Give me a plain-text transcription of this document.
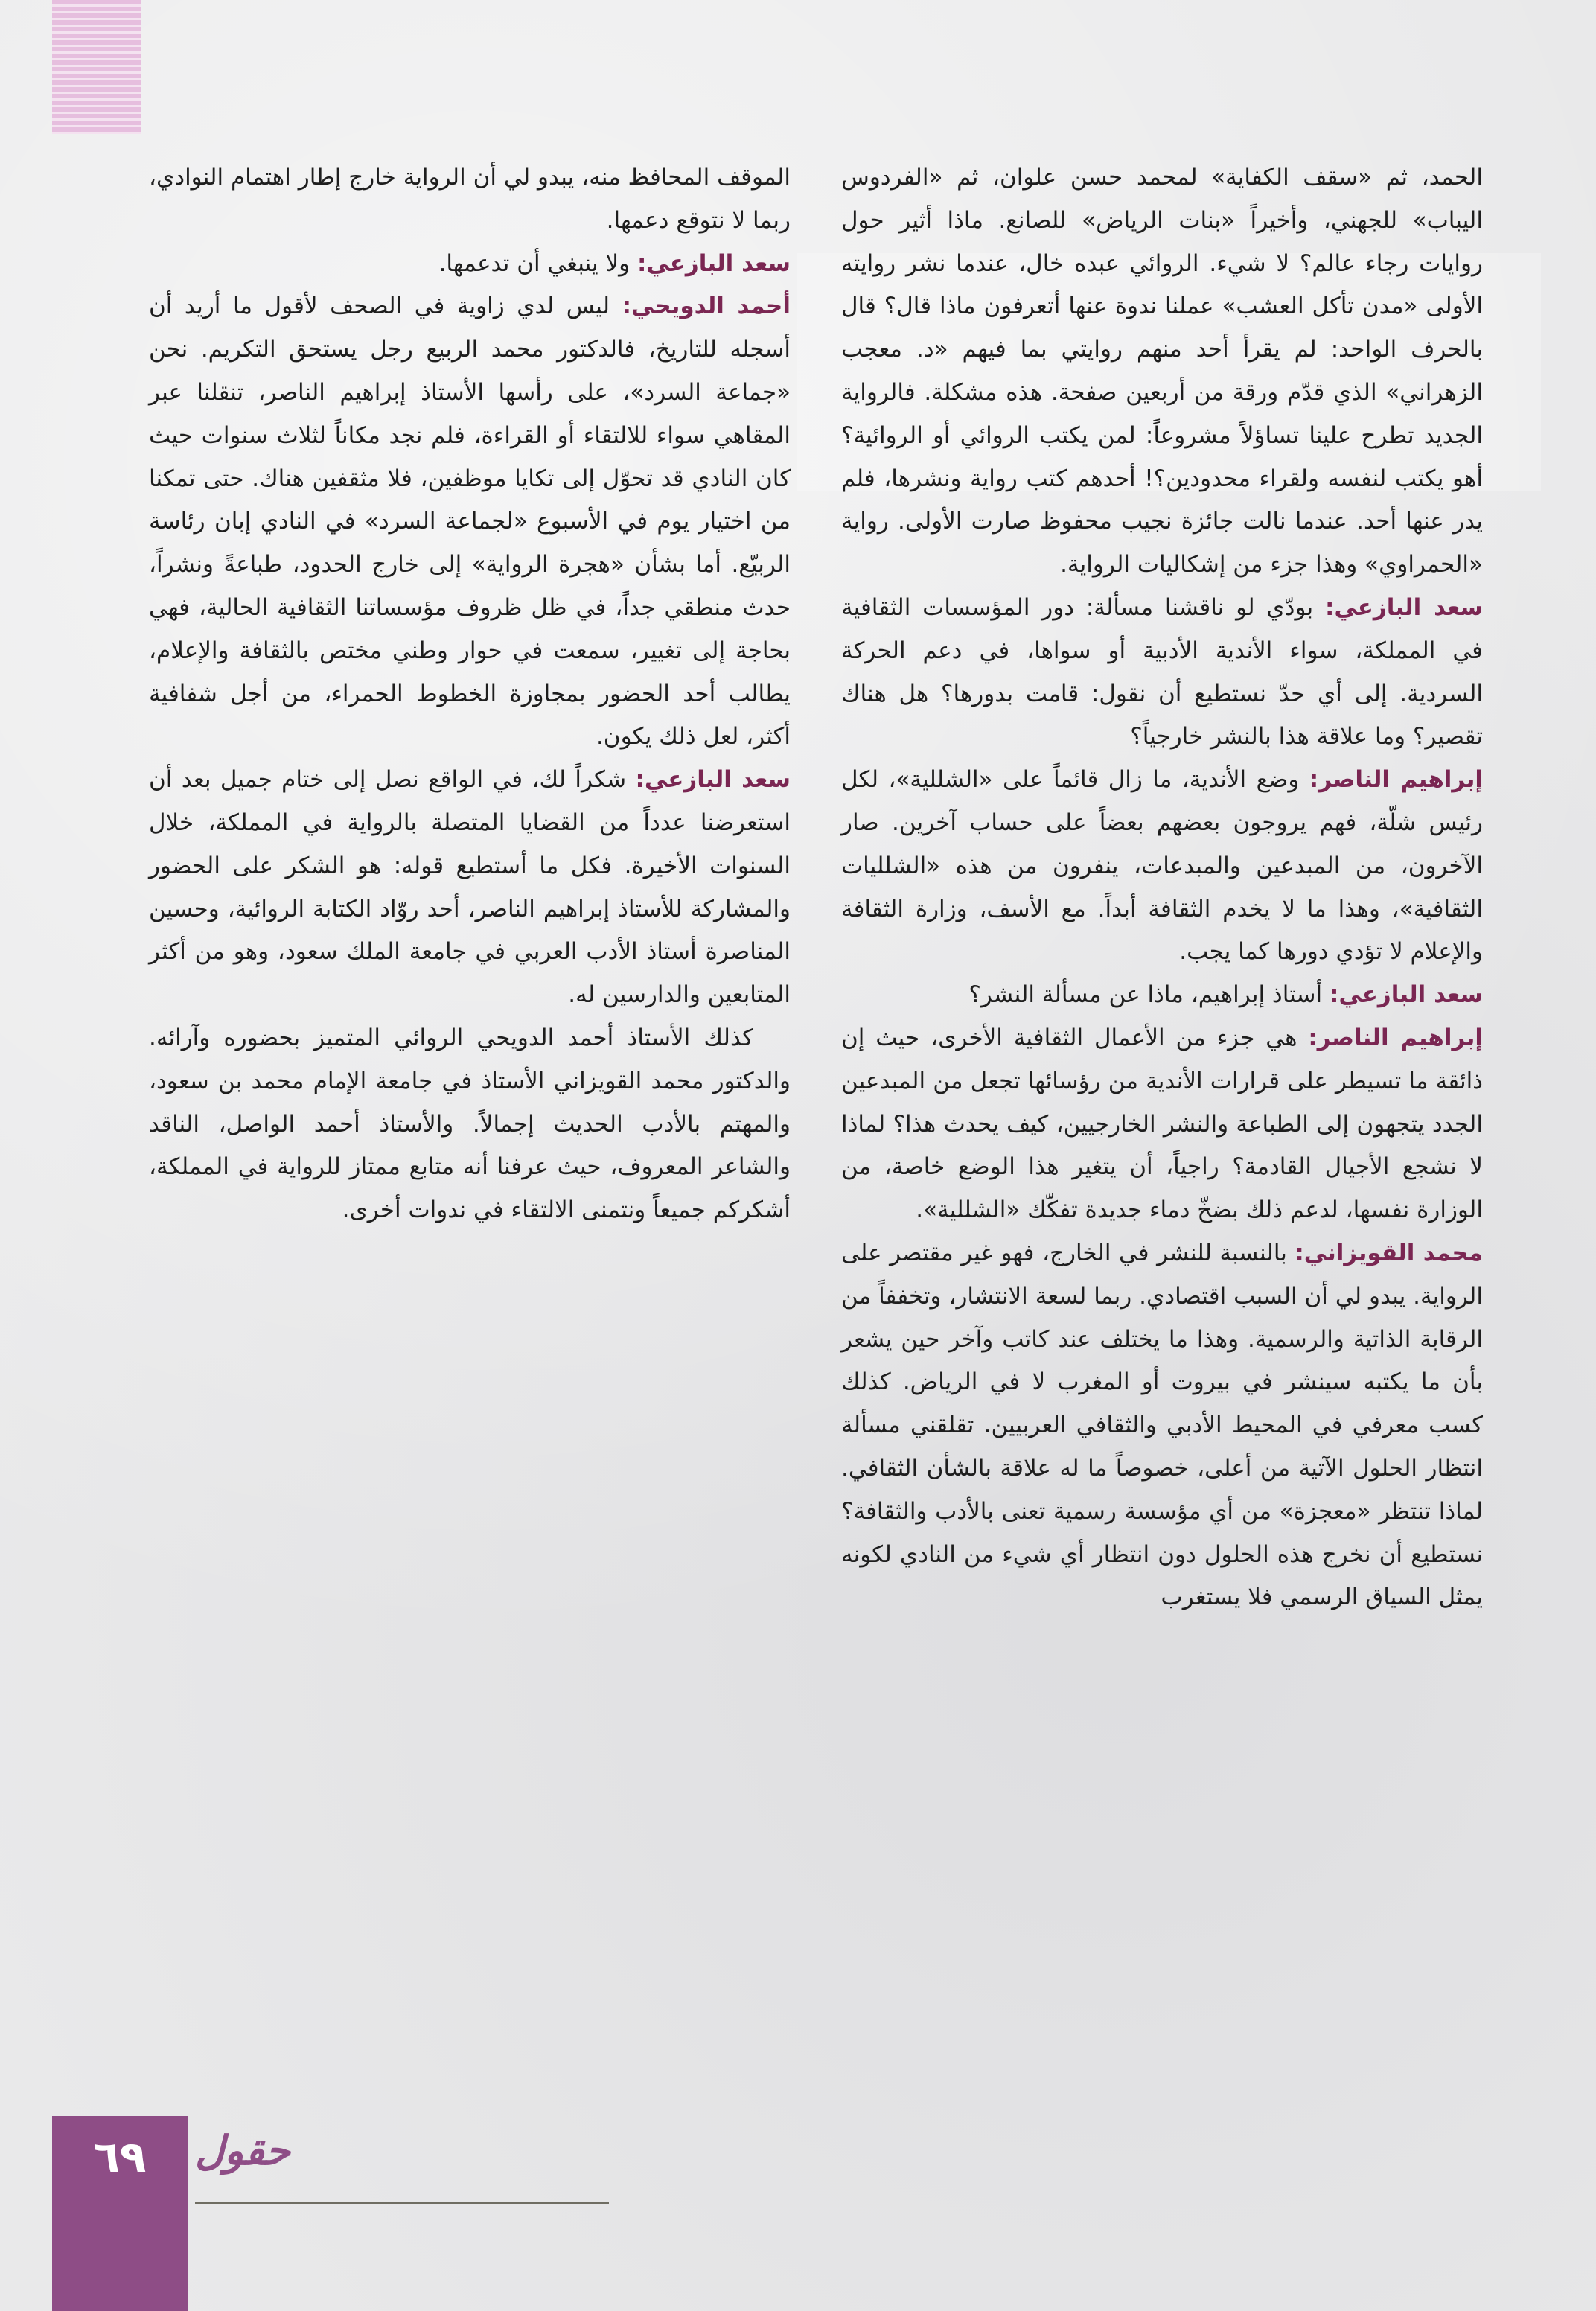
الحمد، ثم «سقف الكفاية» لمحمد حسن علوان، ثم «الفردوس اليباب» للجهني، وأخيراً «بنات الرياض» للصانع. ماذا أثير حول روايات رجاء عالم؟ لا شيء. الروائي عبده خال، عندما نشر روايته الأولى «مدن تأكل العشب» عملنا ندوة عنها أتعرفون ماذا قال؟ قال بالحرف الواحد: لم يقرأ أحد منهم روايتي بما فيهم «د. معجب الزهراني» الذي قدّم ورقة من أربعين صفحة. هذه مشكلة. فالرواية الجديد تطرح علينا تساؤلاً مشروعاً: لمن يكتب الروائي أو الروائية؟ أهو يكتب لنفسه ولقراء محدودين؟! أحدهم كتب رواية ونشرها، فلم يدر عنها أحد. عندما نالت جائزة نجيب محفوظ صارت الأولى. رواية «الحمراوي» وهذا جزء من إشكاليات الرواية.

سعد البازعي: بودّي لو ناقشنا مسألة: دور المؤسسات الثقافية في المملكة، سواء الأندية الأدبية أو سواها، في دعم الحركة السردية. إلى أي حدّ نستطيع أن نقول: قامت بدورها؟ هل هناك تقصير؟ وما علاقة هذا بالنشر خارجياً؟

إبراهيم الناصر: وضع الأندية، ما زال قائماً على «الشللية»، لكل رئيس شلّة، فهم يروجون بعضهم بعضاً على حساب آخرين. صار الآخرون، من المبدعين والمبدعات، ينفرون من هذه «الشلليات الثقافية»، وهذا ما لا يخدم الثقافة أبداً. مع الأسف، وزارة الثقافة والإعلام لا تؤدي دورها كما يجب.

سعد البازعي: أستاذ إبراهيم، ماذا عن مسألة النشر؟

إبراهيم الناصر: هي جزء من الأعمال الثقافية الأخرى، حيث إن ذائقة ما تسيطر على قرارات الأندية من رؤسائها تجعل من المبدعين الجدد يتجهون إلى الطباعة والنشر الخارجيين، كيف يحدث هذا؟ لماذا لا نشجع الأجيال القادمة؟ راجياً، أن يتغير هذا الوضع خاصة، من الوزارة نفسها، لدعم ذلك بضخّ دماء جديدة تفكّك «الشللية».

محمد القويزاني: بالنسبة للنشر في الخارج، فهو غير مقتصر على الرواية. يبدو لي أن السبب اقتصادي. ربما لسعة الانتشار، وتخففاً من الرقابة الذاتية والرسمية. وهذا ما يختلف عند كاتب وآخر حين يشعر بأن ما يكتبه سينشر في بيروت أو المغرب لا في الرياض. كذلك كسب معرفي في المحيط الأدبي والثقافي العربيين. تقلقني مسألة انتظار الحلول الآتية من أعلى، خصوصاً ما له علاقة بالشأن الثقافي. لماذا تنتظر «معجزة» من أي مؤسسة رسمية تعنى بالأدب والثقافة؟ نستطيع أن نخرج هذه الحلول دون انتظار أي شيء من النادي لكونه يمثل السياق الرسمي فلا يستغرب

الموقف المحافظ منه، يبدو لي أن الرواية خارج إطار اهتمام النوادي، ربما لا نتوقع دعمها.

سعد البازعي: ولا ينبغي أن تدعمها.

أحمد الدويحي: ليس لدي زاوية في الصحف لأقول ما أريد أن أسجله للتاريخ، فالدكتور محمد الربيع رجل يستحق التكريم. نحن «جماعة السرد»، على رأسها الأستاذ إبراهيم الناصر، تنقلنا عبر المقاهي سواء للالتقاء أو القراءة، فلم نجد مكاناً لثلاث سنوات حيث كان النادي قد تحوّل إلى تكايا موظفين، فلا مثقفين هناك. حتى تمكنا من اختيار يوم في الأسبوع «لجماعة السرد» في النادي إبان رئاسة الربيّع. أما بشأن «هجرة الرواية» إلى خارج الحدود، طباعةً ونشراً، حدث منطقي جداً، في ظل ظروف مؤسساتنا الثقافية الحالية، فهي بحاجة إلى تغيير، سمعت في حوار وطني مختص بالثقافة والإعلام، يطالب أحد الحضور بمجاوزة الخطوط الحمراء، من أجل شفافية أكثر، لعل ذلك يكون.

سعد البازعي: شكراً لك، في الواقع نصل إلى ختام جميل بعد أن استعرضنا عدداً من القضايا المتصلة بالرواية في المملكة، خلال السنوات الأخيرة. فكل ما أستطيع قوله: هو الشكر على الحضور والمشاركة للأستاذ إبراهيم الناصر، أحد روّاد الكتابة الروائية، وحسين المناصرة أستاذ الأدب العربي في جامعة الملك سعود، وهو من أكثر المتابعين والدارسين له.

كذلك الأستاذ أحمد الدويحي الروائي المتميز بحضوره وآرائه. والدكتور محمد القويزاني الأستاذ في جامعة الإمام محمد بن سعود، والمهتم بالأدب الحديث إجمالاً. والأستاذ أحمد الواصل، الناقد والشاعر المعروف، حيث عرفنا أنه متابع ممتاز للرواية في المملكة، أشكركم جميعاً ونتمنى الالتقاء في ندوات أخرى.

٦٩	حقول
